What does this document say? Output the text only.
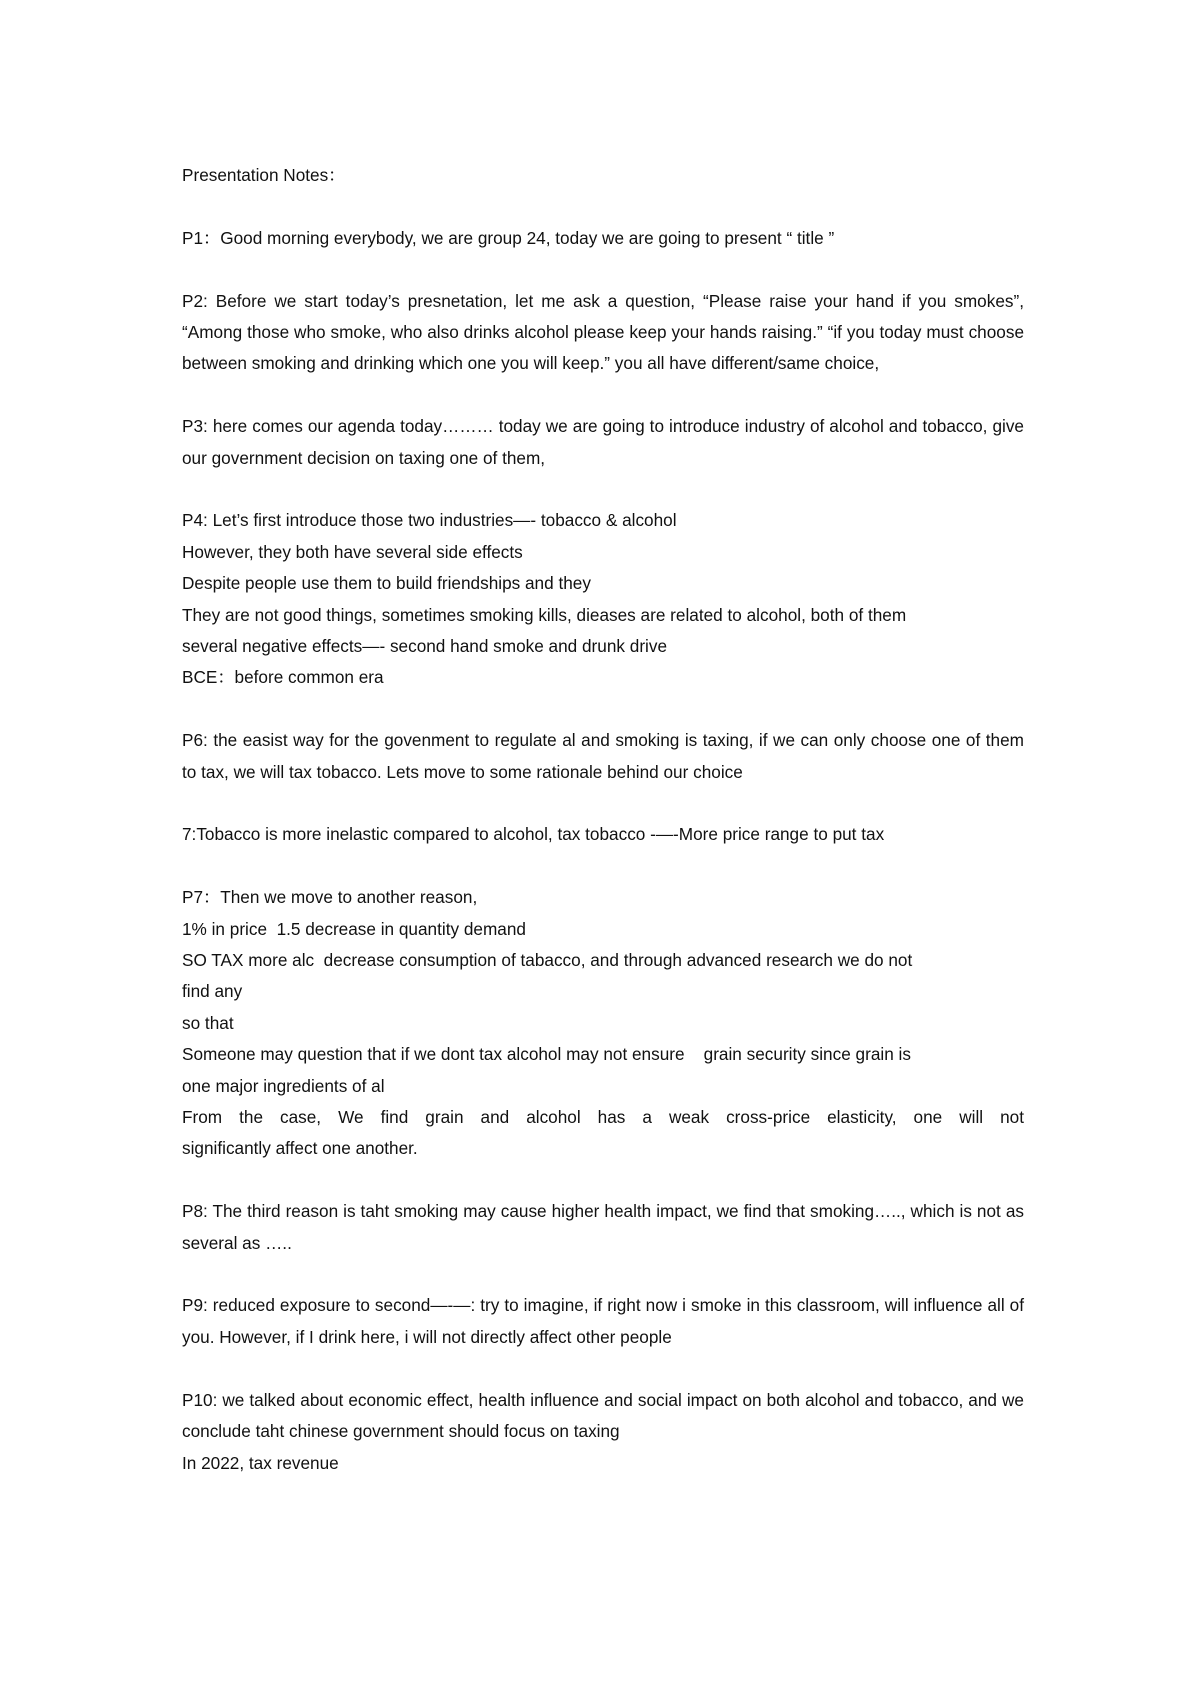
Presentation Notes：

P1：Good morning everybody, we are group 24, today we are going to present “ title ”

P2: Before we start today’s presnetation, let me ask a question, “Please raise your hand if you smokes”, “Among those who smoke, who also drinks alcohol please keep your hands raising.” “if you today must choose between smoking and drinking which one you will keep.” you all have different/same choice,

P3: here comes our agenda today……… today we are going to introduce industry of alcohol and tobacco, give our government decision on taxing one of them,

P4: Let’s first introduce those two industries—- tobacco & alcohol
However, they both have several side effects
Despite people use them to build friendships and they
They are not good things, sometimes smoking kills, dieases are related to alcohol, both of them
several negative effects—- second hand smoke and drunk drive
BCE：before common era

P6: the easist way for the govenment to regulate al and smoking is taxing, if we can only choose one of them to tax, we will tax tobacco. Lets move to some rationale behind our choice

7:Tobacco is more inelastic compared to alcohol, tax tobacco -—-More price range to put tax

P7：Then we move to another reason,
1% in price  1.5 decrease in quantity demand
SO TAX more alc  decrease consumption of tabacco, and through advanced research we do not
find any
so that
Someone may question that if we dont tax alcohol may not ensure    grain security since grain is
one major ingredients of al
From the case, We find grain and alcohol has a weak cross-price elasticity, one will not
significantly affect one another.

P8: The third reason is taht smoking may cause higher health impact, we find that smoking….., which is not as several as …..

P9: reduced exposure to second—-—: try to imagine, if right now i smoke in this classroom, will influence all of you. However, if I drink here, i will not directly affect other people

P10: we talked about economic effect, health influence and social impact on both alcohol and tobacco, and we conclude taht chinese government should focus on taxing
In 2022, tax revenue
